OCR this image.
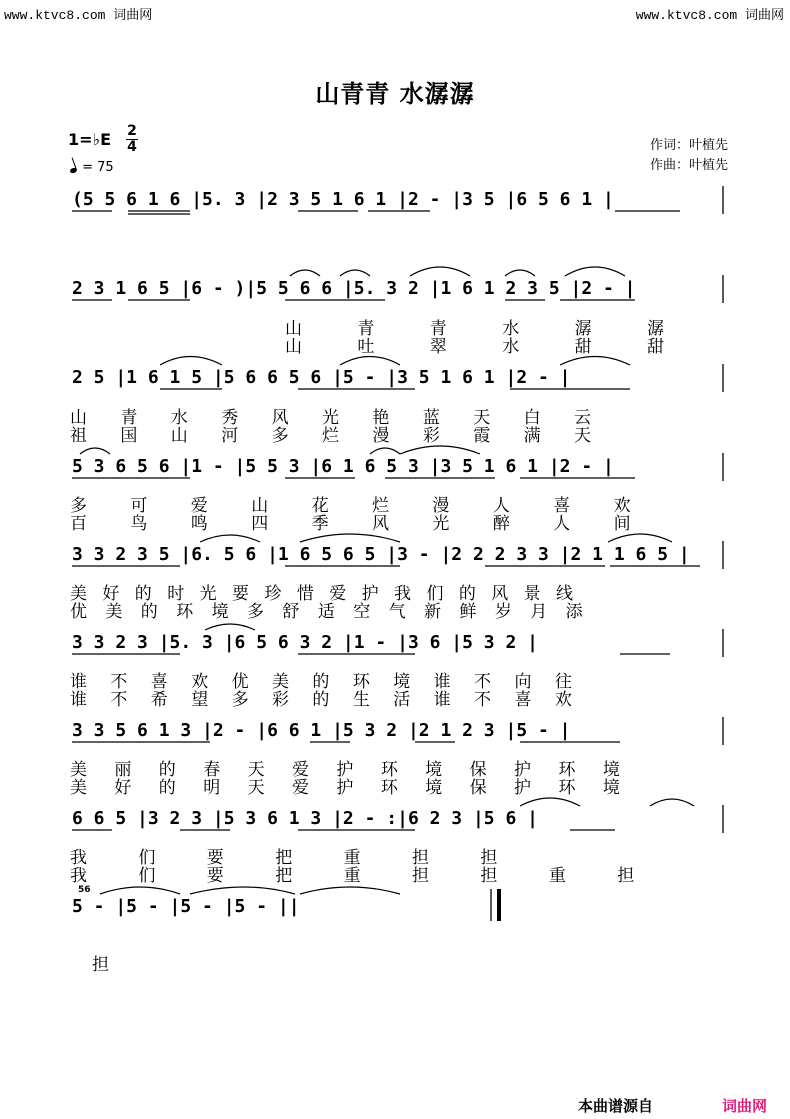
www.ktvc8.com 词曲网	www.ktvc8.com 词曲网
山青青 水潺潺
1=♭E 2
4
= 75
作词：叶植先
作曲：叶植先
(5 5 6 1 6 |5. 3 |2 3 5 1 6 1 |2 - |3 5 |6 5 6 1 |
2 3 1 6 5 |6 - )|5 5 6 6 |5. 3 2 |1 6 1 2 3 5 |2 - |
2 5 |1 6 1 5 |5 6 6 5 6 |5 - |3 5 1 6 1 |2 - |
5 3 6 5 6 |1 - |5 5 3 |6 1 6 5 3 |3 5 1 6 1 |2 - |
3 3 2 3 5 |6. 5 6 |1 6 5 6 5 |3 - |2 2 2 3 3 |2 1 1 6 5 |
3 3 2 3 |5. 3 |6 5 6 3 2 |1 - |3 6 |5 3 2 |
3 3 5 6 1 3 |2 - |6 6 1 |5 3 2 |2 1 2 3 |5 - |
6 6 5 |3 2 3 |5 3 6 1 3 |2 - :|6 2 3 |5 6 |
5 - |5 - |5 - |5 - ||
56
山 青 青 水 潺 潺
山 吐 翠 水 甜 甜
山 青 水 秀 风 光 艳 蓝 天 白 云
祖 国 山 河 多 烂 漫 彩 霞 满 天
多 可 爱 山 花 烂 漫 人 喜 欢
百 鸟 鸣 四 季 风 光 醉 人 间
美 好 的 时 光 要 珍 惜 爱 护 我 们 的 风 景 线
优 美 的 环 境 多 舒 适 空 气 新 鲜 岁 月 添
谁 不 喜 欢 优 美 的 环 境 谁 不 向 往
谁 不 希 望 多 彩 的 生 活 谁 不 喜 欢
美 丽 的 春 天 爱 护 环 境 保 护 环 境
美 好 的 明 天 爱 护 环 境 保 护 环 境
我 们 要 把 重 担 担
我 们 要 把 重 担 担 重 担
担
本曲谱源自	词曲网
